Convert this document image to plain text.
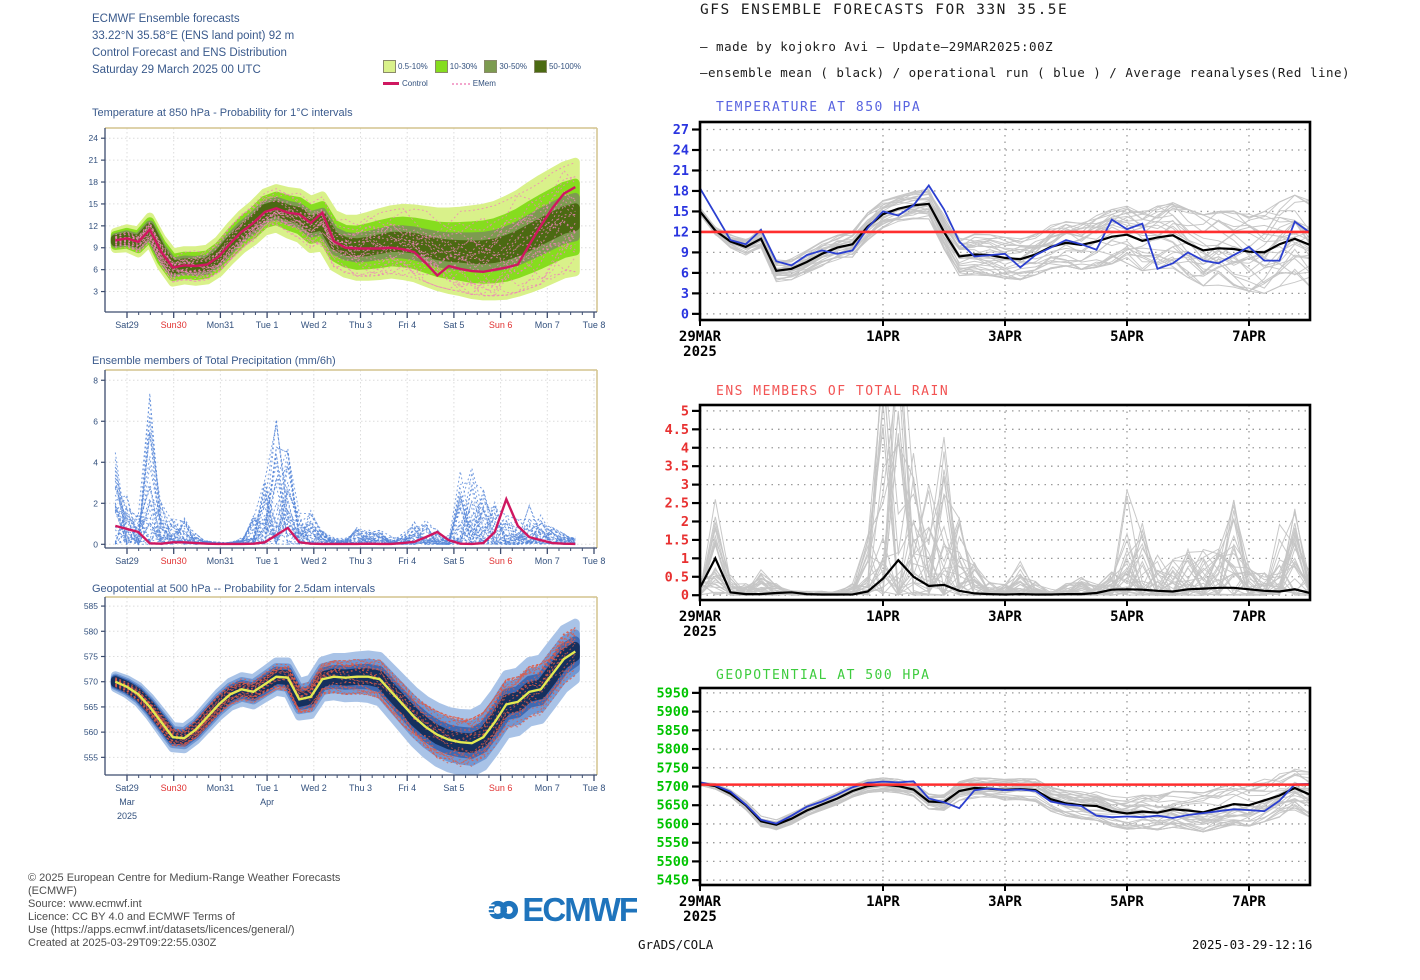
ECMWF Ensemble forecasts
33.22°N 35.58°E (ENS land point) 92 m
Control Forecast and ENS Distribution
Saturday 29 March 2025 00 UTC	0.5-10%	10-30%	30-50%	50-100%
Control	EMem
Temperature at 850 hPa - Probability for 1°C intervals
3
6
9
12
15
18
21
24
Sat29 Sun30 Mon31 Tue 1 Wed 2 Thu 3	Fri 4	Sat 5	Sun 6 Mon 7	Tue 8
Ensemble members of Total Precipitation (mm/6h)
0
2
4
6
8
Sat29 Sun30 Mon31 Tue 1 Wed 2 Thu 3	Fri 4	Sat 5	Sun 6 Mon 7	Tue 8
Geopotential at 500 hPa -- Probability for 2.5dam intervals
555
560
565
570
575
580
585
Sat29 Sun30 Mon31 Tue 1 Wed 2 Thu 3	Fri 4	Sat 5	Sun 6 Mon 7	Tue 8
Mar
2025
Apr
© 2025 European Centre for Medium-Range Weather Forecasts
(ECMWF)
Source: www.ecmwf.int
Licence: CC BY 4.0 and ECMWF Terms of
Use (https://apps.ecmwf.int/datasets/licences/general/)
Created at 2025-03-29T09:22:55.030Z
ECMWF
GFS ENSEMBLE FORECASTS FOR 33N 35.5E
– made by kojokro Avi – Update–29MAR2025:00Z
–ensemble mean ( black) / operational run ( blue ) / Average reanalyses(Red line)
TEMPERATURE AT 850 HPA
0
3
6
9
12
15
18
21
24
27
29MAR
2025
1APR	3APR	5APR	7APR
ENS MEMBERS OF TOTAL RAIN
0
0.5
1
1.5
2
2.5
3
3.5
4
4.5
5
29MAR
2025
1APR	3APR	5APR	7APR
GEOPOTENTIAL AT 500 HPA
5450
5500
5550
5600
5650
5700
5750
5800
5850
5900
5950
29MAR
2025
1APR	3APR	5APR	7APR
GrADS/COLA	2025-03-29-12:16
